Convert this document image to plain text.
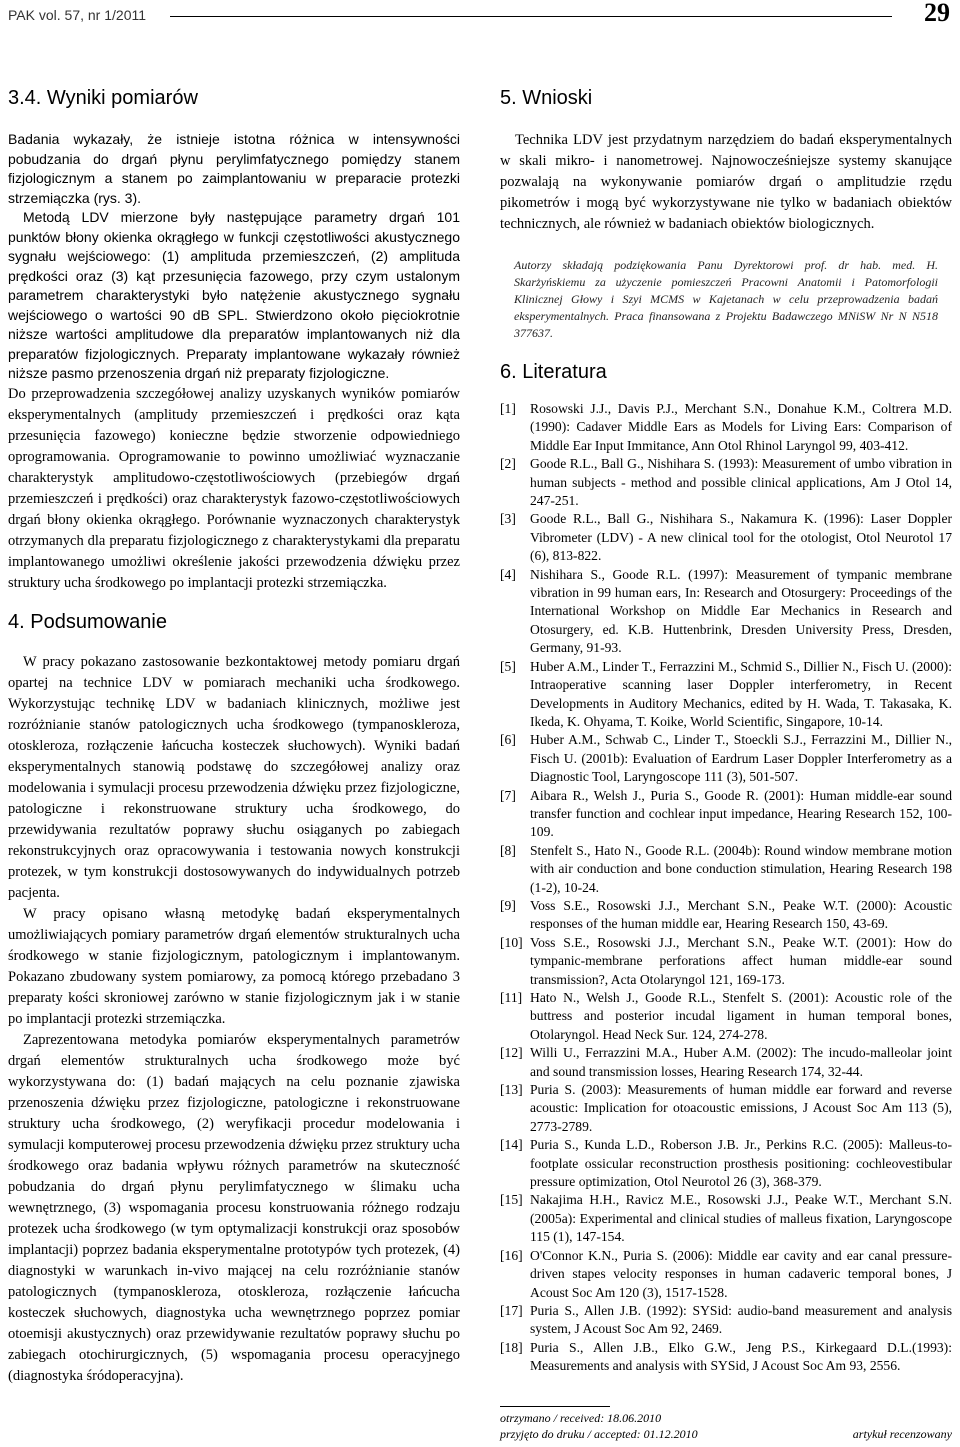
PAK vol. 57, nr 1/2011	29
3.4. Wyniki pomiarów

Badania wykazały, że istnieje istotna różnica w intensywności pobudzania do drgań płynu perylimfatycznego pomiędzy stanem fizjologicznym a stanem po zaimplantowaniu w preparacie protezki strzemiączka (rys. 3).

Metodą LDV mierzone były następujące parametry drgań 101 punktów błony okienka okrągłego w funkcji częstotliwości akustycznego sygnału wejściowego: (1) amplituda przemieszczeń, (2) amplituda prędkości oraz (3) kąt przesunięcia fazowego, przy czym ustalonym parametrem charakterystyki było natężenie akustycznego sygnału wejściowego o wartości 90 dB SPL. Stwierdzono około pięciokrotnie niższe wartości amplitudowe dla preparatów implantowanych niż dla preparatów fizjologicznych. Preparaty implantowane wykazały również niższe pasmo przenoszenia drgań niż preparaty fizjologiczne.

Do przeprowadzenia szczegółowej analizy uzyskanych wyników pomiarów eksperymentalnych (amplitudy przemieszczeń i prędkości oraz kąta przesunięcia fazowego) konieczne będzie stworzenie odpowiedniego oprogramowania. Oprogramowanie to powinno umożliwiać wyznaczanie charakterystyk amplitudowo-częstotliwościowych (przebiegów drgań przemieszczeń i prędkości) oraz charakterystyk fazowo-częstotliwościowych drgań błony okienka okrągłego. Porównanie wyznaczonych charakterystyk otrzymanych dla preparatu fizjologicznego z charakterystykami dla preparatu implantowanego umożliwi określenie jakości przewodzenia dźwięku przez struktury ucha środkowego po implantacji protezki strzemiączka.

4. Podsumowanie

W pracy pokazano zastosowanie bezkontaktowej metody pomiaru drgań opartej na technice LDV w pomiarach mechaniki ucha środkowego. Wykorzystując technikę LDV w badaniach klinicznych, możliwe jest rozróżnianie stanów patologicznych ucha środkowego (tympanoskleroza, otoskleroza, rozłączenie łańcucha kosteczek słuchowych). Wyniki badań eksperymentalnych stanowią podstawę do szczegółowej analizy oraz modelowania i symulacji procesu przewodzenia dźwięku przez fizjologiczne, patologiczne i rekonstruowane struktury ucha środkowego, do przewidywania rezultatów poprawy słuchu osiąganych po zabiegach rekonstrukcyjnych oraz opracowywania i testowania nowych konstrukcji protezek, w tym konstrukcji dostosowywanych do indywidualnych potrzeb pacjenta.

W pracy opisano własną metodykę badań eksperymentalnych umożliwiających pomiary parametrów drgań elementów strukturalnych ucha środkowego w stanie fizjologicznym, patologicznym i implantowanym. Pokazano zbudowany system pomiarowy, za pomocą którego przebadano 3 preparaty kości skroniowej zarówno w stanie fizjologicznym jak i w stanie po implantacji protezki strzemiączka.

Zaprezentowana metodyka pomiarów eksperymentalnych parametrów drgań elementów strukturalnych ucha środkowego może być wykorzystywana do: (1) badań mających na celu poznanie zjawiska przenoszenia dźwięku przez fizjologiczne, patologiczne i rekonstruowane struktury ucha środkowego, (2) weryfikacji procedur modelowania i symulacji komputerowej procesu przewodzenia dźwięku przez struktury ucha środkowego oraz badania wpływu różnych parametrów na skuteczność pobudzania do drgań płynu perylimfatycznego w ślimaku ucha wewnętrznego, (3) wspomagania procesu konstruowania różnego rodzaju protezek ucha środkowego (w tym optymalizacji konstrukcji oraz sposobów implantacji) poprzez badania eksperymentalne prototypów tych protezek, (4) diagnostyki w warunkach in-vivo mającej na celu rozróżnianie stanów patologicznych (tympanoskleroza, otoskleroza, rozłączenie łańcucha kosteczek słuchowych, diagnostyka ucha wewnętrznego poprzez pomiar otoemisji akustycznych) oraz przewidywanie rezultatów poprawy słuchu po zabiegach otochirurgicznych, (5) wspomagania procesu operacyjnego (diagnostyka śródoperacyjna).

5. Wnioski

Technika LDV jest przydatnym narzędziem do badań eksperymentalnych w skali mikro- i nanometrowej. Najnowocześniejsze systemy skanujące pozwalają na wykonywanie pomiarów drgań o amplitudzie rzędu pikometrów i mogą być wykorzystywane nie tylko w badaniach obiektów technicznych, ale również w badaniach obiektów biologicznych.

Autorzy składają podziękowania Panu Dyrektorowi prof. dr hab. med. H. Skarżyńskiemu za użyczenie pomieszczeń Pracowni Anatomii i Patomorfologii Klinicznej Głowy i Szyi MCMS w Kajetanach w celu przeprowadzenia badań eksperymentalnych. Praca finansowana z Projektu Badawczego MNiSW Nr N N518 377637.
6. Literatura
[1]	Rosowski J.J., Davis P.J., Merchant S.N., Donahue K.M., Coltrera M.D. (1990): Cadaver Middle Ears as Models for Living Ears: Comparison of Middle Ear Input Immitance, Ann Otol Rhinol Laryngol 99, 403-412.
[2]	Goode R.L., Ball G., Nishihara S. (1993): Measurement of umbo vibration in human subjects - method and possible clinical applications, Am J Otol 14, 247-251.
[3]	Goode R.L., Ball G., Nishihara S., Nakamura K. (1996): Laser Doppler Vibrometer (LDV) - A new clinical tool for the otologist, Otol Neurotol 17 (6), 813-822.
[4]	Nishihara S., Goode R.L. (1997): Measurement of tympanic membrane vibration in 99 human ears, In: Research and Otosurgery: Proceedings of the International Workshop on Middle Ear Mechanics in Research and Otosurgery, ed. K.B. Huttenbrink, Dresden University Press, Dresden, Germany, 91-93.
[5]	Huber A.M., Linder T., Ferrazzini M., Schmid S., Dillier N., Fisch U. (2000): Intraoperative scanning laser Doppler interferometry, in Recent Developments in Auditory Mechanics, edited by H. Wada, T. Takasaka, K. Ikeda, K. Ohyama, T. Koike, World Scientific, Singapore, 10-14.
[6]	Huber A.M., Schwab C., Linder T., Stoeckli S.J., Ferrazzini M., Dillier N., Fisch U. (2001b): Evaluation of Eardrum Laser Doppler Interferometry as a Diagnostic Tool, Laryngoscope 111 (3), 501-507.
[7]	Aibara R., Welsh J., Puria S., Goode R. (2001): Human middle-ear sound transfer function and cochlear input impedance, Hearing Research 152, 100-109.
[8]	Stenfelt S., Hato N., Goode R.L. (2004b): Round window membrane motion with air conduction and bone conduction stimulation, Hearing Research 198 (1-2), 10-24.
[9]	Voss S.E., Rosowski J.J., Merchant S.N., Peake W.T. (2000): Acoustic responses of the human middle ear, Hearing Research 150, 43-69.
[10] Voss S.E., Rosowski J.J., Merchant S.N., Peake W.T. (2001): How do tympanic-membrane perforations affect human middle-ear sound transmission?, Acta Otolaryngol 121, 169-173.
[11] Hato N., Welsh J., Goode R.L., Stenfelt S. (2001): Acoustic role of the buttress and posterior incudal ligament in human temporal bones, Otolaryngol. Head Neck Sur. 124, 274-278.
[12] Willi U., Ferrazzini M.A., Huber A.M. (2002): The incudo-malleolar joint and sound transmission losses, Hearing Research 174, 32-44.
[13] Puria S. (2003): Measurements of human middle ear forward and reverse acoustic: Implication for otoacoustic emissions, J Acoust Soc Am 113 (5), 2773-2789.
[14] Puria S., Kunda L.D., Roberson J.B. Jr., Perkins R.C. (2005): Malleus-to-footplate ossicular reconstruction prosthesis positioning: cochleovestibular pressure optimization, Otol Neurotol 26 (3), 368-379.
[15] Nakajima H.H., Ravicz M.E., Rosowski J.J., Peake W.T., Merchant S.N. (2005a): Experimental and clinical studies of malleus fixation, Laryngoscope 115 (1), 147-154.
[16] O'Connor K.N., Puria S. (2006): Middle ear cavity and ear canal pressure-driven stapes velocity responses in human cadaveric temporal bones, J Acoust Soc Am 120 (3), 1517-1528.
[17] Puria S., Allen J.B. (1992): SYSid: audio-band measurement and analysis system, J Acoust Soc Am 92, 2469.
[18] Puria S., Allen J.B., Elko G.W., Jeng P.S., Kirkegaard D.L.(1993): Measurements and analysis with SYSid, J Acoust Soc Am 93, 2556.
otrzymano / received: 18.06.2010
przyjęto do druku / accepted: 01.12.2010	artykuł recenzowany
